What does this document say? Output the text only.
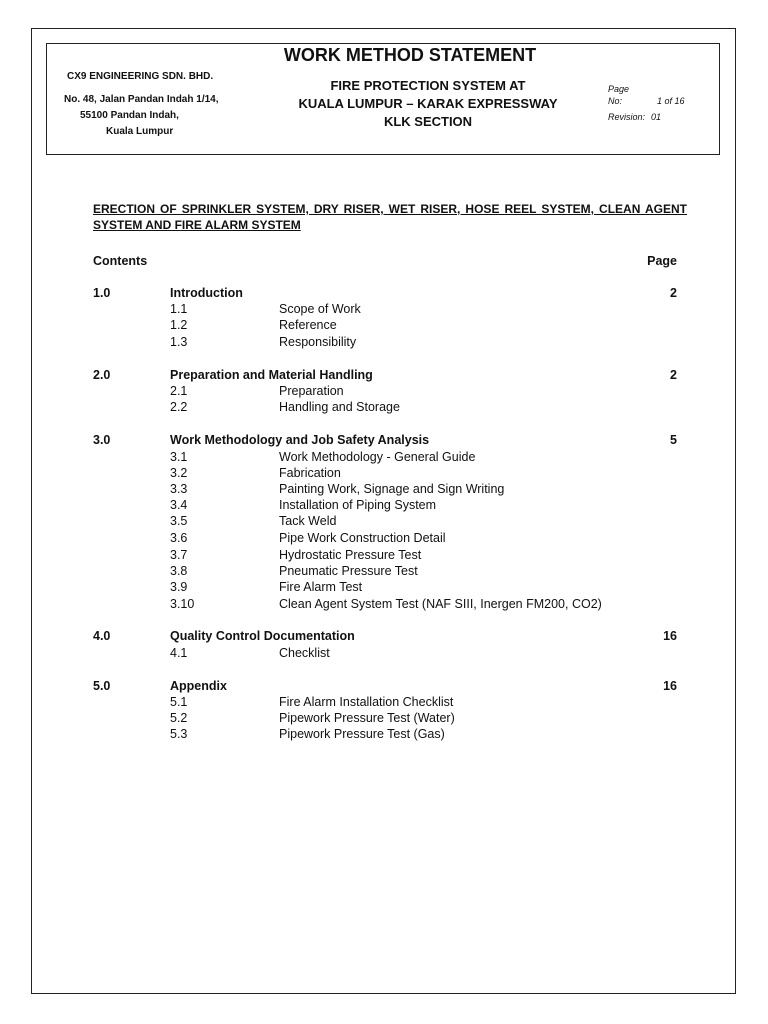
CX9 ENGINEERING SDN. BHD.
No. 48, Jalan Pandan Indah 1/14,
55100 Pandan Indah,
Kuala Lumpur
WORK METHOD STATEMENT
FIRE PROTECTION SYSTEM AT
KUALA LUMPUR – KARAK EXPRESSWAY
KLK SECTION
Page
No:	1 of 16
Revision: 01
ERECTION OF SPRINKLER SYSTEM, DRY RISER, WET RISER, HOSE REEL SYSTEM, CLEAN AGENT SYSTEM AND FIRE ALARM SYSTEM
Contents	Page
1.0	Introduction	2
1.1	Scope of Work
1.2	Reference
1.3	Responsibility
2.0	Preparation and Material Handling	2
2.1	Preparation
2.2	Handling and Storage
3.0	Work Methodology and Job Safety Analysis	5
3.1	Work Methodology - General Guide
3.2	Fabrication
3.3	Painting Work, Signage and Sign Writing
3.4	Installation of Piping System
3.5	Tack Weld
3.6	Pipe Work Construction Detail
3.7	Hydrostatic Pressure Test
3.8	Pneumatic Pressure Test
3.9	Fire Alarm Test
3.10	Clean Agent System Test (NAF SIII, Inergen FM200, CO2)
4.0	Quality Control Documentation	16
4.1	Checklist
5.0	Appendix	16
5.1	Fire Alarm Installation Checklist
5.2	Pipework Pressure Test (Water)
5.3	Pipework Pressure Test (Gas)
